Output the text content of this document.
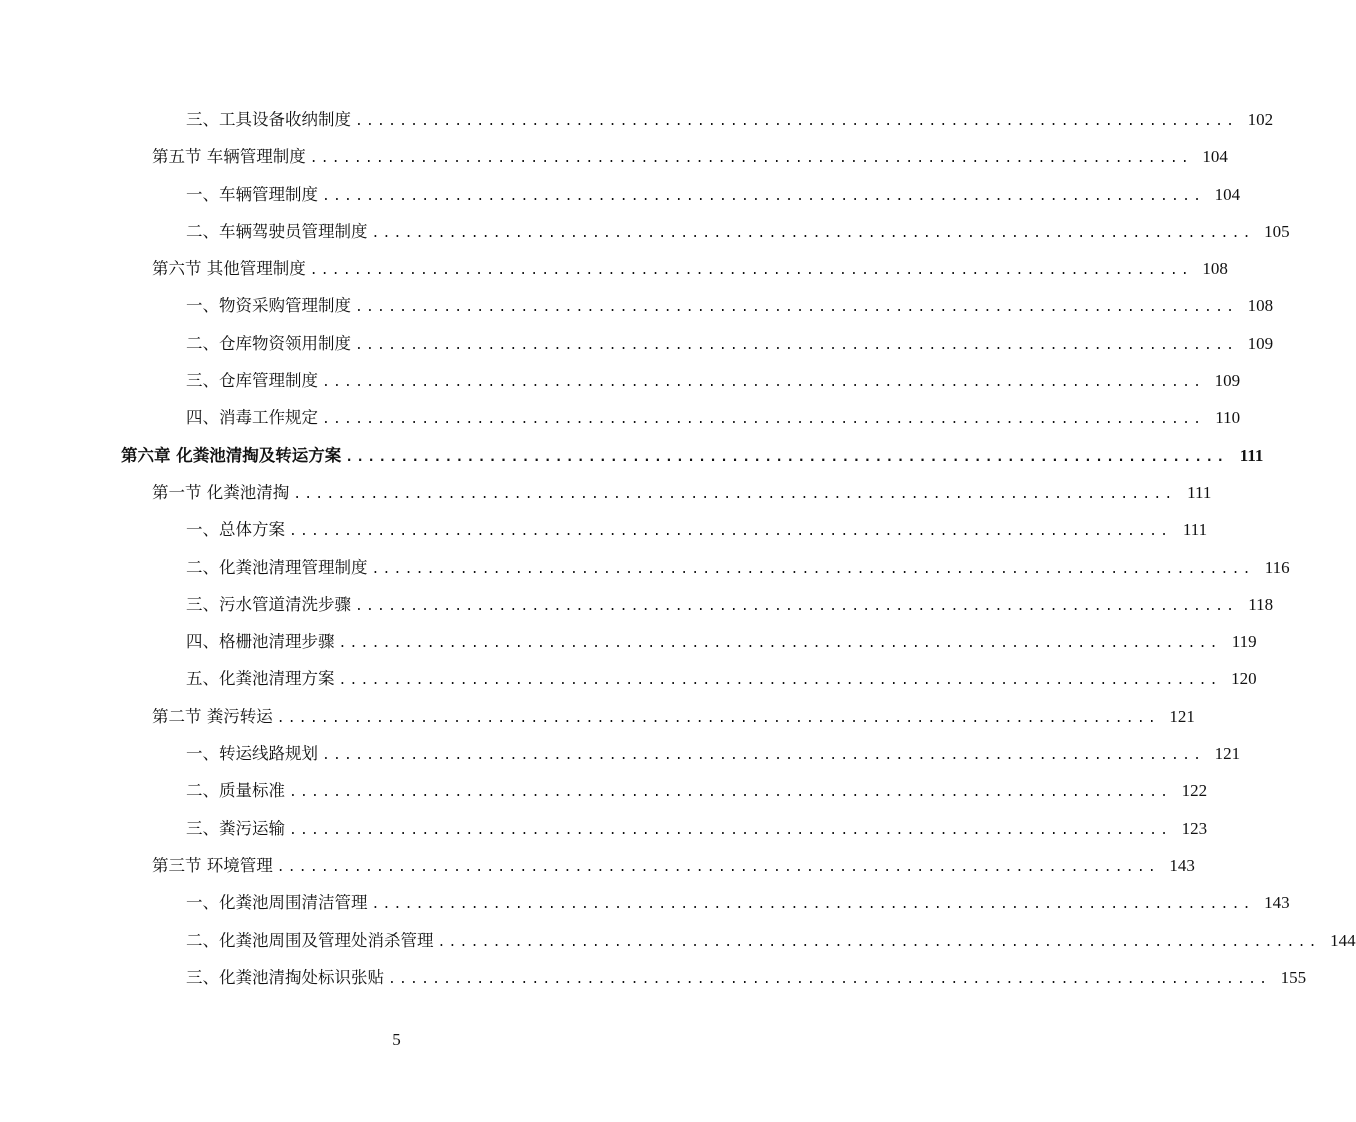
三、工具设备收纳制度 ................................................................................ 102
第五节 车辆管理制度 ................................................................................ 104
一、车辆管理制度 ................................................................................ 104
二、车辆驾驶员管理制度 ................................................................................ 105
第六节 其他管理制度 ................................................................................ 108
一、物资采购管理制度 ................................................................................ 108
二、仓库物资领用制度 ................................................................................ 109
三、仓库管理制度 ................................................................................ 109
四、消毒工作规定 ................................................................................ 110
第六章 化粪池清掏及转运方案 ................................................................................ 111
第一节 化粪池清掏 ................................................................................ 111
一、总体方案 ................................................................................ 111
二、化粪池清理管理制度 ................................................................................ 116
三、污水管道清洗步骤 ................................................................................ 118
四、格栅池清理步骤 ................................................................................ 119
五、化粪池清理方案 ................................................................................ 120
第二节 粪污转运 ................................................................................ 121
一、转运线路规划 ................................................................................ 121
二、质量标准 ................................................................................ 122
三、粪污运输 ................................................................................ 123
第三节 环境管理 ................................................................................ 143
一、化粪池周围清洁管理 ................................................................................ 143
二、化粪池周围及管理处消杀管理 ................................................................................ 144
三、化粪池清掏处标识张贴 ................................................................................ 155
5
